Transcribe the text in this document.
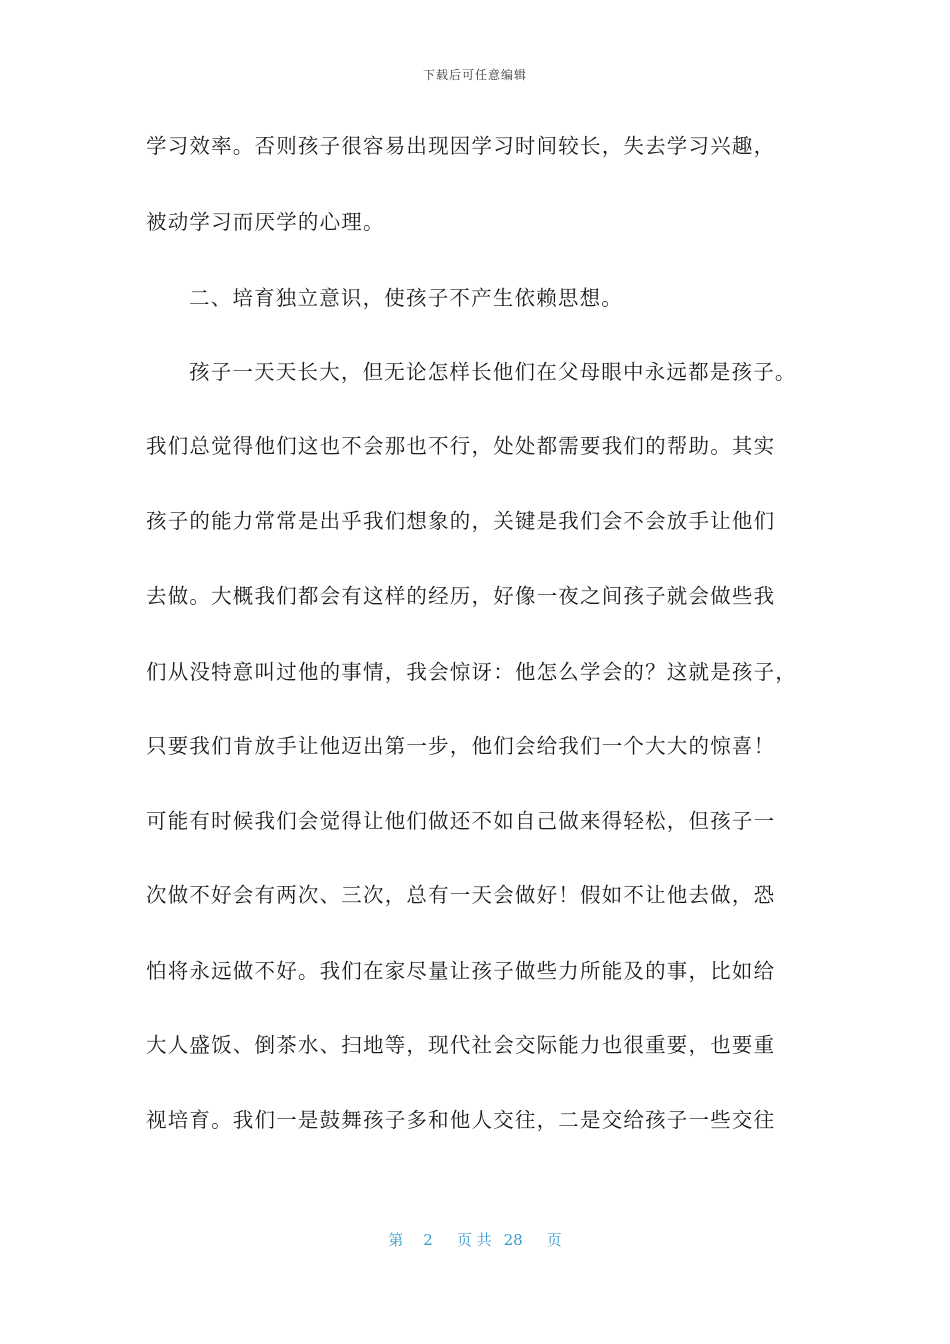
下载后可任意编辑
学习效率。否则孩子很容易出现因学习时间较长，失去学习兴趣，
被动学习而厌学的心理。
二、培育独立意识，使孩子不产生依赖思想。
孩子一天天长大，但无论怎样长他们在父母眼中永远都是孩子。
我们总觉得他们这也不会那也不行，处处都需要我们的帮助。其实
孩子的能力常常是出乎我们想象的，关键是我们会不会放手让他们
去做。大概我们都会有这样的经历，好像一夜之间孩子就会做些我
们从没特意叫过他的事情，我会惊讶：他怎么学会的？这就是孩子，
只要我们肯放手让他迈出第一步，他们会给我们一个大大的惊喜！
可能有时候我们会觉得让他们做还不如自己做来得轻松，但孩子一
次做不好会有两次、三次，总有一天会做好！假如不让他去做，恐
怕将永远做不好。我们在家尽量让孩子做些力所能及的事，比如给
大人盛饭、倒茶水、扫地等，现代社会交际能力也很重要，也要重
视培育。我们一是鼓舞孩子多和他人交往，二是交给孩子一些交往
第 2 页 共 28 页
